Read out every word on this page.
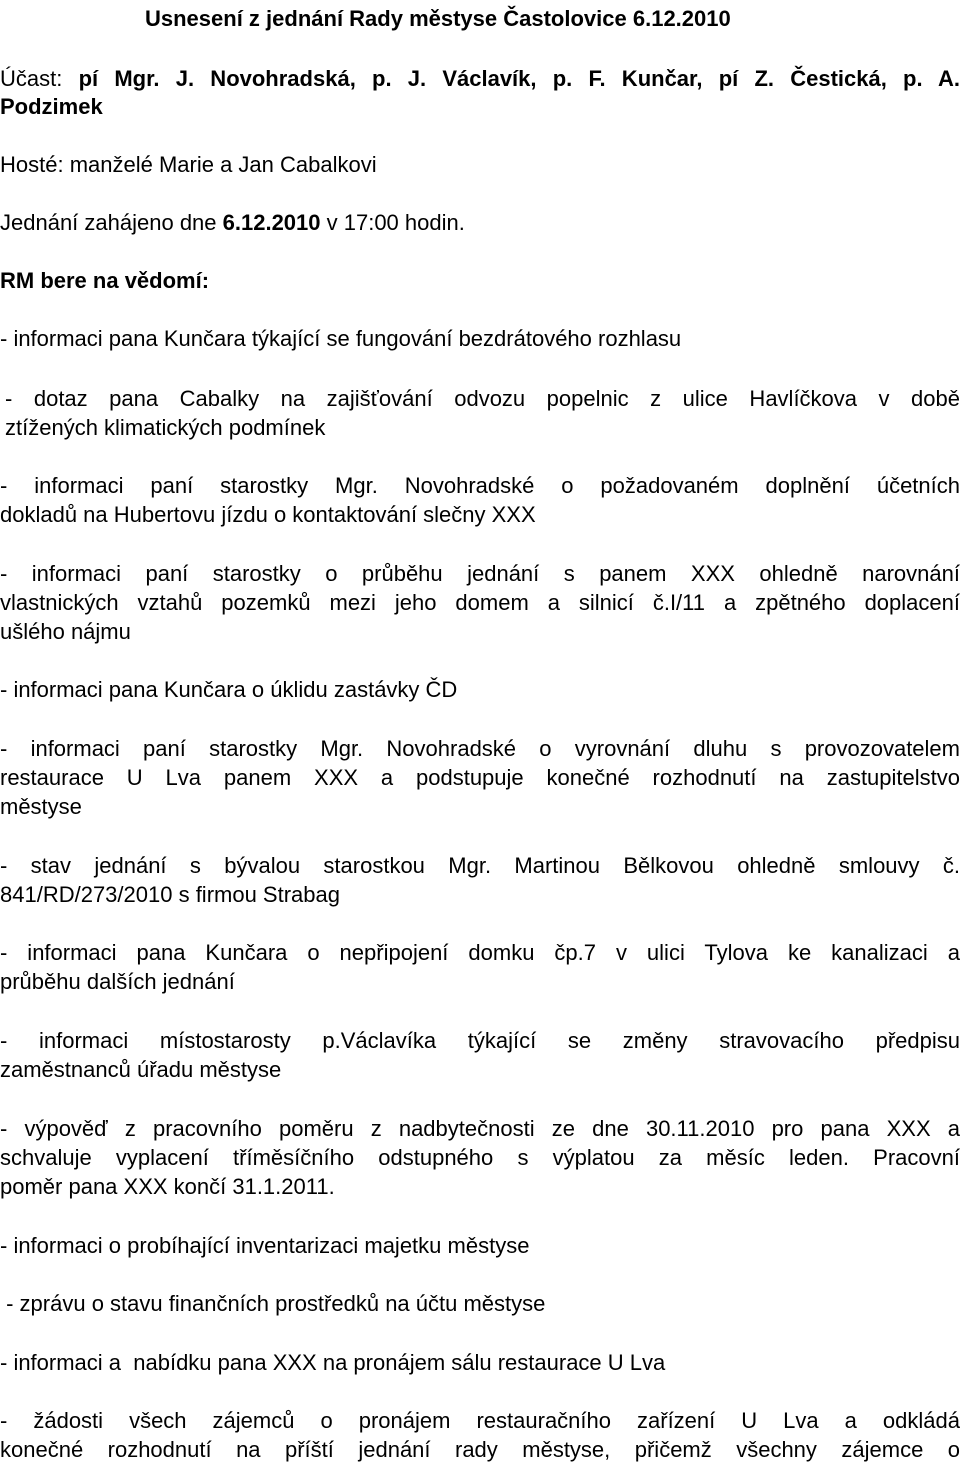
Usnesení z jednání Rady městyse Častolovice 6.12.2010
Účast: pí Mgr. J. Novohradská, p. J. Václavík, p. F. Kunčar, pí Z. Čestická, p. A.
Podzimek
Hosté: manželé Marie a Jan Cabalkovi
Jednání zahájeno dne 6.12.2010 v 17:00 hodin.
RM bere na vědomí:
- informaci pana Kunčara týkající se fungování bezdrátového rozhlasu
- dotaz pana Cabalky na zajišťování odvozu popelnic z ulice Havlíčkova v době
ztížených klimatických podmínek
- informaci paní starostky Mgr. Novohradské o požadovaném doplnění účetních
dokladů na Hubertovu jízdu o kontaktování slečny XXX
- informaci paní starostky o průběhu jednání s panem XXX ohledně narovnání
vlastnických vztahů pozemků mezi jeho domem a silnicí č.I/11 a zpětného doplacení
ušlého nájmu
- informaci pana Kunčara o úklidu zastávky ČD
- informaci paní starostky Mgr. Novohradské o vyrovnání dluhu s provozovatelem
restaurace U Lva panem XXX a podstupuje konečné rozhodnutí na zastupitelstvo
městyse
- stav jednání s bývalou starostkou Mgr. Martinou Bělkovou ohledně smlouvy č.
841/RD/273/2010 s firmou Strabag
- informaci pana Kunčara o nepřipojení domku čp.7 v ulici Tylova ke kanalizaci a
průběhu dalších jednání
- informaci místostarosty p.Václavíka týkající se změny stravovacího předpisu
zaměstnanců úřadu městyse
- výpověď z pracovního poměru z nadbytečnosti ze dne 30.11.2010 pro pana XXX a
schvaluje vyplacení tříměsíčního odstupného s výplatou za měsíc leden. Pracovní
poměr pana XXX končí 31.1.2011.
- informaci o probíhající inventarizaci majetku městyse
- zprávu o stavu finančních prostředků na účtu městyse
- informaci a  nabídku pana XXX na pronájem sálu restaurace U Lva
- žádosti všech zájemců o pronájem restauračního zařízení U Lva a odkládá
konečné rozhodnutí na příští jednání rady městyse, přičemž všechny zájemce o
